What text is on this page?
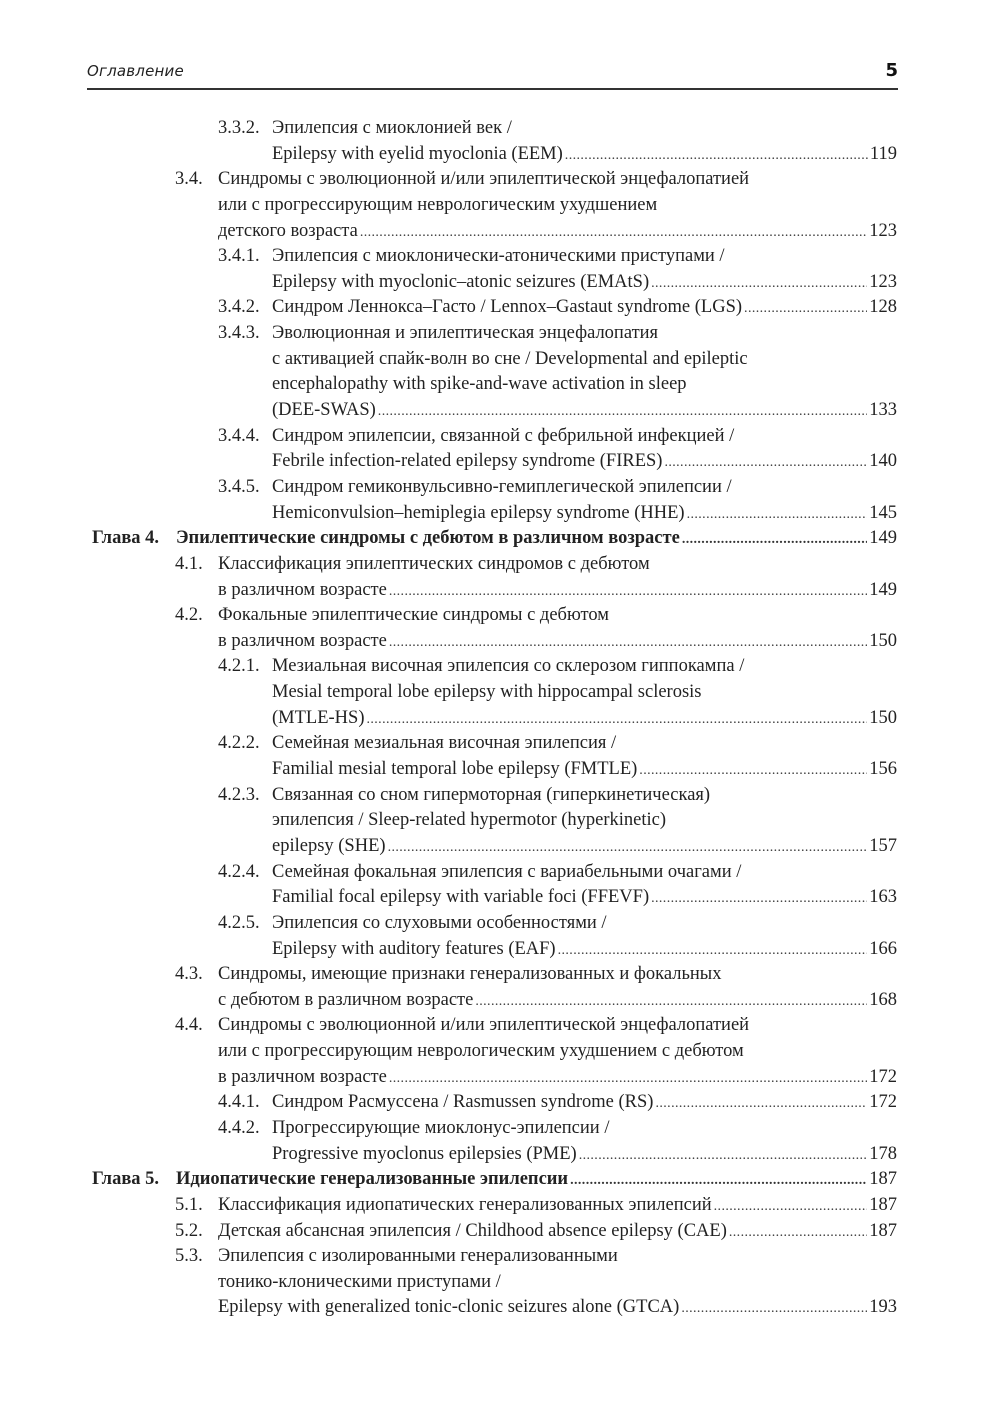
Оглавление	5
3.3.2. Эпилепсия с миоклонией век /
Epilepsy with eyelid myoclonia (EEM) .....	119
3.4. Синдромы с эволюционной и/или эпилептической энцефалопатией
или с прогрессирующим неврологическим ухудшением
детского возраста .....	123
3.4.1. Эпилепсия с миоклонически-атоническими приступами /
Epilepsy with myoclonic–atonic seizures (EMAtS) .....	123
3.4.2. Синдром Леннокса–Гасто / Lennox–Gastaut syndrome (LGS) .....	128
3.4.3. Эволюционная и эпилептическая энцефалопатия
с активацией спайк-волн во сне / Developmental and epileptic
encephalopathy with spike-and-wave activation in sleep
(DEE-SWAS) .....	133
3.4.4. Синдром эпилепсии, связанной с фебрильной инфекцией /
Febrile infection-related epilepsy syndrome (FIRES) .....	140
3.4.5. Синдром гемиконвульсивно-гемиплегической эпилепсии /
Hemiconvulsion–hemiplegia epilepsy syndrome (HHE) .....	145
Глава 4. Эпилептические синдромы с дебютом в различном возрасте .....	149
4.1. Классификация эпилептических синдромов с дебютом
в различном возрасте .....	149
4.2. Фокальные эпилептические синдромы с дебютом
в различном возрасте .....	150
4.2.1. Мезиальная височная эпилепсия со склерозом гиппокампа /
Mesial temporal lobe epilepsy with hippocampal sclerosis
(MTLE-HS) .....	150
4.2.2. Семейная мезиальная височная эпилепсия /
Familial mesial temporal lobe epilepsy (FMTLE) .....	156
4.2.3. Связанная со сном гипермоторная (гиперкинетическая)
эпилепсия / Sleep-related hypermotor (hyperkinetic)
epilepsy (SHE) .....	157
4.2.4. Семейная фокальная эпилепсия с вариабельными очагами /
Familial focal epilepsy with variable foci (FFEVF) .....	163
4.2.5. Эпилепсия со слуховыми особенностями /
Epilepsy with auditory features (EAF) .....	166
4.3. Синдромы, имеющие признаки генерализованных и фокальных
с дебютом в различном возрасте .....	168
4.4. Синдромы с эволюционной и/или эпилептической энцефалопатией
или с прогрессирующим неврологическим ухудшением с дебютом
в различном возрасте .....	172
4.4.1. Синдром Расмуссена / Rasmussen syndrome (RS) .....	172
4.4.2. Прогрессирующие миоклонус-эпилепсии /
Progressive myoclonus epilepsies (PME) .....	178
Глава 5. Идиопатические генерализованные эпилепсии .....	187
5.1. Классификация идиопатических генерализованных эпилепсий .....	187
5.2. Детская абсансная эпилепсия / Childhood absence epilepsy (CAE) .....	187
5.3. Эпилепсия с изолированными генерализованными
тонико-клоническими приступами /
Epilepsy with generalized tonic-clonic seizures alone (GTCA) .....	193
